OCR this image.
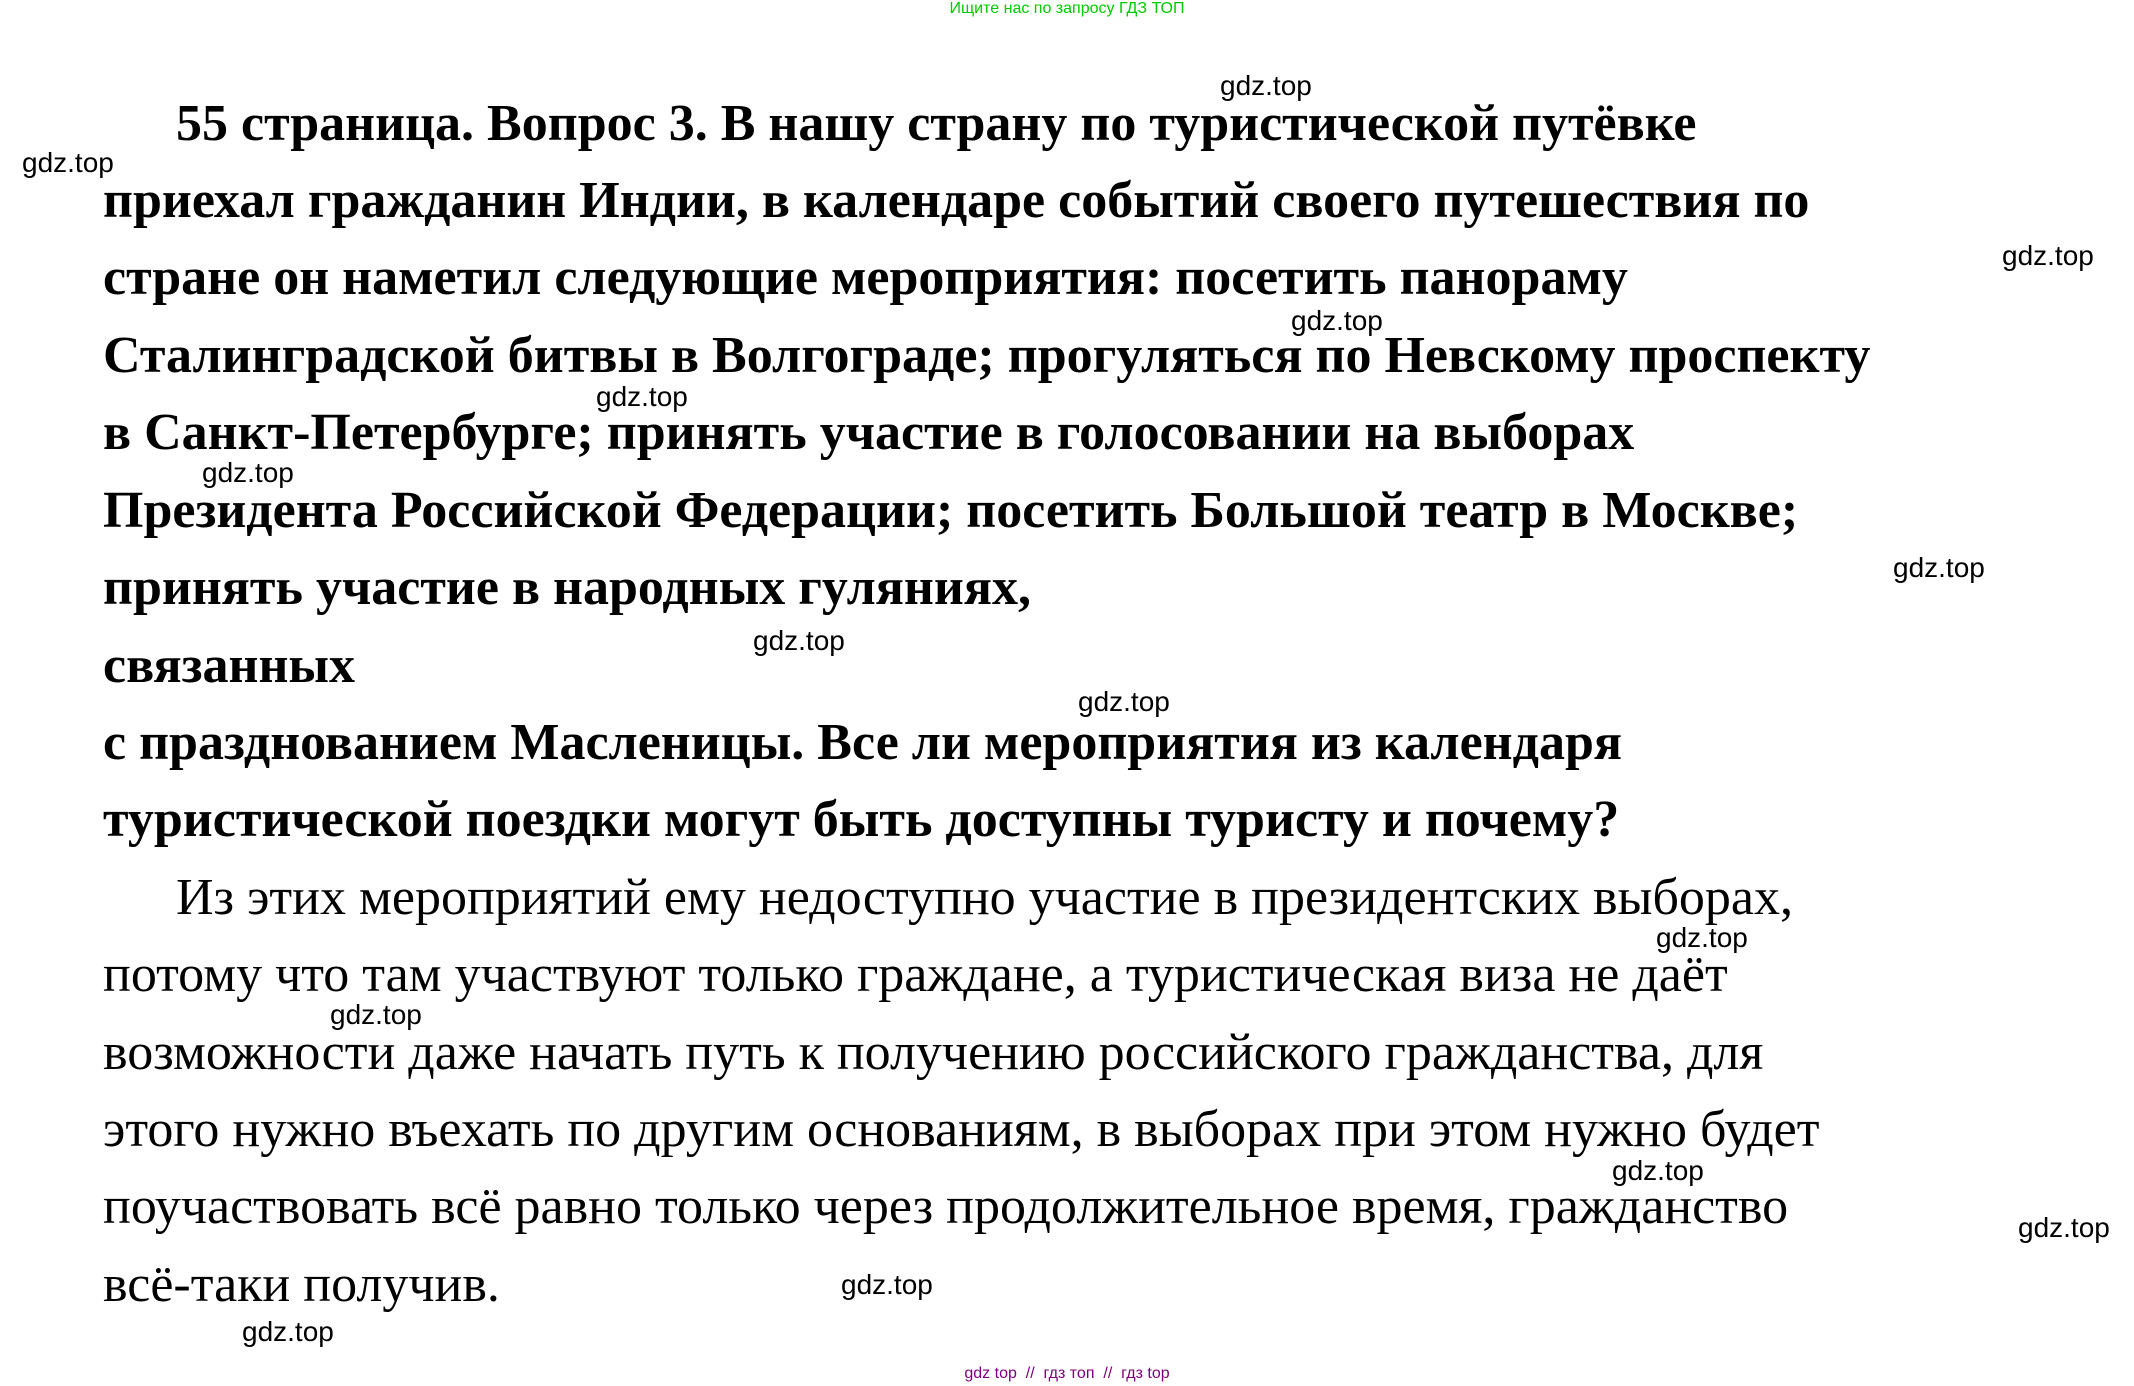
Ищите нас по запросу ГДЗ ТОП
55 страница. Вопрос 3. В нашу страну по туристической путёвке
приехал гражданин Индии, в календаре событий своего путешествия по
стране он наметил следующие мероприятия: посетить панораму
Сталинградской битвы в Волгограде; прогуляться по Невскому проспекту
в Санкт-Петербурге; принять участие в голосовании на выборах
Президента Российской Федерации; посетить Большой театр в Москве;
принять участие в народных гуляниях,
связанных
с празднованием Масленицы. Все ли мероприятия из календаря
туристической поездки могут быть доступны туристу и почему?
Из этих мероприятий ему недоступно участие в президентских выборах,
потому что там участвуют только граждане, а туристическая виза не даёт
возможности даже начать путь к получению российского гражданства, для
этого нужно въехать по другим основаниям, в выборах при этом нужно будет
поучаствовать всё равно только через продолжительное время, гражданство
всё-таки получив.
gdz.top
gdz.top
gdz.top
gdz.top
gdz.top
gdz.top
gdz.top
gdz.top
gdz.top
gdz.top
gdz.top
gdz.top
gdz.top
gdz.top
gdz.top
gdz top  //  гдз топ  //  гдз top
